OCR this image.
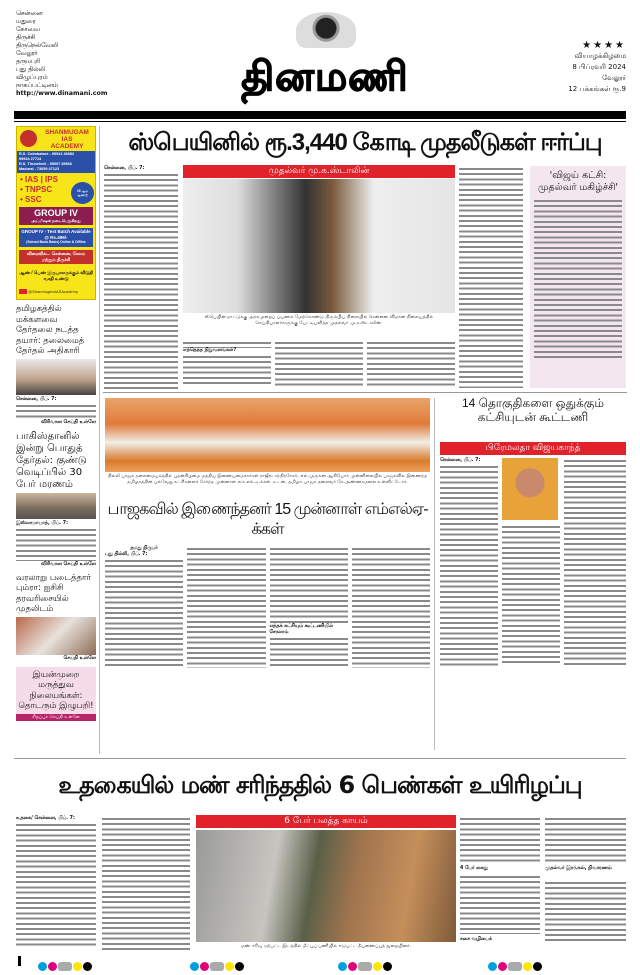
சென்னை
மதுரை
கோவை
திருச்சி
திருநெல்வேலி
வேலூர்
தருமபுரி
புது தில்லி
விழுப்புரம்
நாகப்பட்டினம்
http://www.dinamani.com	தினமணி
★★★★
வியாழக்கிழமை
8 பிப்ரவரி 2024
வேலூர்
12 பக்கங்கள் ரூ.9
SHANMUGAM
IAS
ACADEMY
R.S. Coimbatore - 99941 46682
99944 27714
R.S. Tirunelveli - 95007 85666
Madurai - 73059 47123
• IAS | IPS
• TNPSC
• SSC
15 ஆம் ஆண்டு
GROUP IV
அட்மிஷன் நடைபெறுகிறது
GROUP IV - Test Batch Available @ Rs.499/-
(School Book Basis) Online & Offline
விரைவில்... சென்னை, சேலம் மற்றும் திருச்சி
ஆண் / பெண் இருபாலருக்கும் விடுதி வசதி உண்டு
@ShanmugamIASAcademy
தமிழகத்தில் மக்களவை தேர்தலை நடத்த தயார்: தலைமைத் தேர்தல் அதிகாரி
சென்னை, பிப். 7:
விரிவான செய்தி உள்ளே
பாகிஸ்தானில் இன்று பொதுத் தேர்தல்: குண்டு வெடிப்பில் 30 பேர் மரணம்
இஸ்லாமாபாத், பிப். 7:
விரிவான செய்தி உள்ளே
வரலாறு படைத்தார் பும்ரா: ஐசிசி தரவரிசையில் முதலிடம்
செய்தி உள்ளே
இயன்முறை மருத்துவ நிலையங்கள்: தொடரும் இழுபறி!
சிறப்புச் செய்தி உள்ளே
ஸ்பெயினில் ரூ.3,440 கோடி முதலீடுகள் ஈர்ப்பு
சென்னை, பிப். 7:	முதல்வர் மு.க.ஸ்டாலின்
ஸ்பெயின் நாட்டுக்கு அரசுமுறைப் பயணம் மேற்கொண்டு திரும்பிய நிலையில் சென்னை விமான நிலையத்தில் செய்தியாளர்களுக்கு பேட்டியளித்த முதல்வர் மு.க.ஸ்டாலின்.
எந்தெந்த நிறுவனங்கள்?
'விஜய் கட்சி: முதல்வர் மகிழ்ச்சி'
தில்லி பாஜக தலைமையகத்தில் புதன்கிழமை மத்திய இணையமைச்சர்கள் ராஜீவ் சந்திரசேகர், எல்.முருகன் ஆகியோர் முன்னிலையில் பாஜகவில் இணைந்த தமிழகத்தின் பல்வேறு கட்சிகளைச் சேர்ந்த முன்னாள் எம்.எல்.ஏ.க்கள். உடன், தமிழக பாஜக தலைவர் கே.அண்ணாமலை உள்ளிட்டோர்.
பாஜகவில் இணைந்தனர் 15 முன்னாள் எம்எல்ஏ-க்கள்
நமது நிருபர்
புது தில்லி, பிப். 7:
எந்தக் கட்சியும் கூட்டணியில் சேரலாம்
14 தொகுதிகளை ஒதுக்கும் கட்சியுடன் கூட்டணி
பிரேமலதா விஜயகாந்த்
சென்னை, பிப். 7:
உதகையில் மண் சரிந்ததில் 6 பெண்கள் உயிரிழப்பு
உதகை/ சென்னை, பிப். 7:	6 பேர் பலத்த காயம்
மண் சரிவு ஏற்பட்ட இடத்தில் மீட்புப் பணியில் ஈடுபட்ட தீயணைப்புத் துறையினர்.
4 பேர் கைது
சசை வழிபைக்
முதல்வர் இரங்கல், நிவாரணம்
